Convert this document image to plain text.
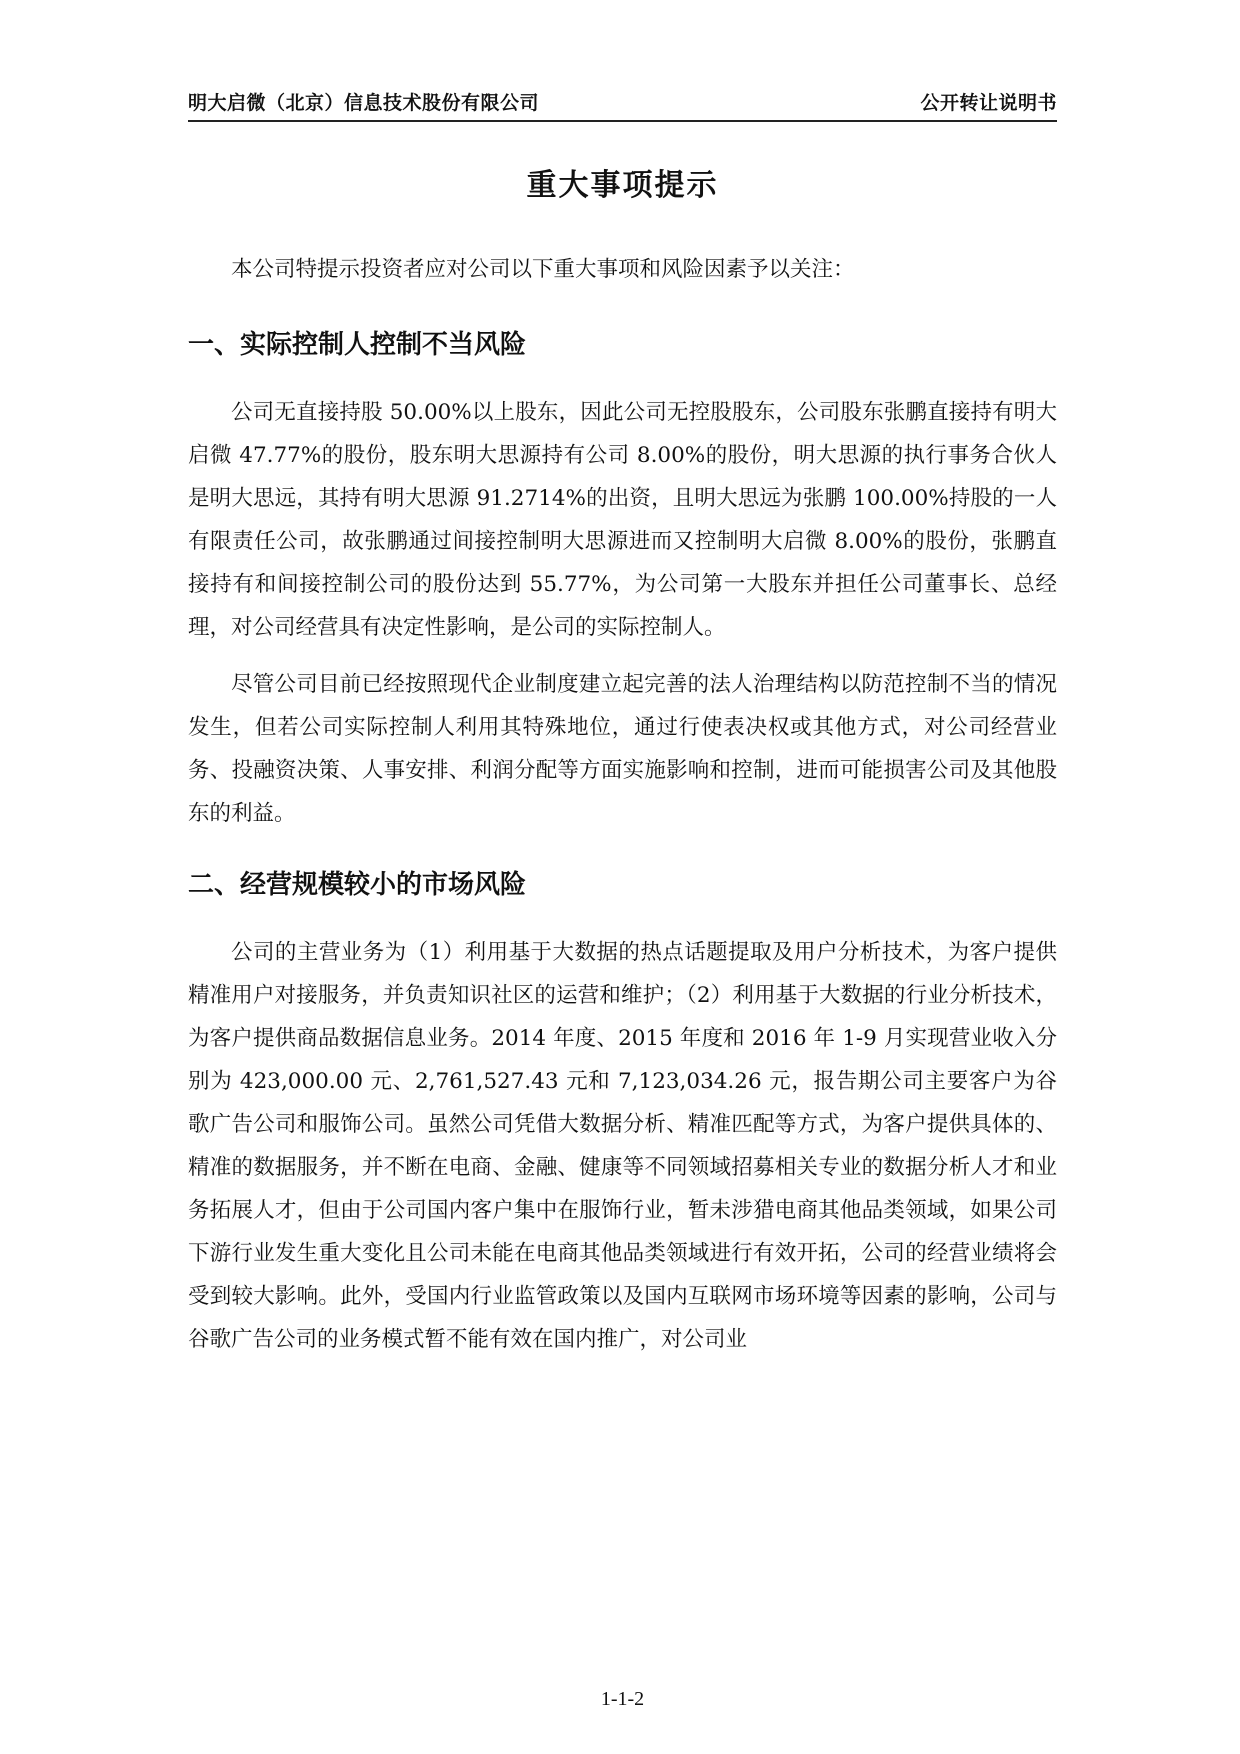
明大启微（北京）信息技术股份有限公司	公开转让说明书
重大事项提示

本公司特提示投资者应对公司以下重大事项和风险因素予以关注：

一、实际控制人控制不当风险

公司无直接持股 50.00%以上股东，因此公司无控股股东，公司股东张鹏直接持有明大启微 47.77%的股份，股东明大思源持有公司 8.00%的股份，明大思源的执行事务合伙人是明大思远，其持有明大思源 91.2714%的出资，且明大思远为张鹏 100.00%持股的一人有限责任公司，故张鹏通过间接控制明大思源进而又控制明大启微 8.00%的股份，张鹏直接持有和间接控制公司的股份达到 55.77%，为公司第一大股东并担任公司董事长、总经理，对公司经营具有决定性影响，是公司的实际控制人。

尽管公司目前已经按照现代企业制度建立起完善的法人治理结构以防范控制不当的情况发生，但若公司实际控制人利用其特殊地位，通过行使表决权或其他方式，对公司经营业务、投融资决策、人事安排、利润分配等方面实施影响和控制，进而可能损害公司及其他股东的利益。

二、经营规模较小的市场风险

公司的主营业务为（1）利用基于大数据的热点话题提取及用户分析技术，为客户提供精准用户对接服务，并负责知识社区的运营和维护；（2）利用基于大数据的行业分析技术，为客户提供商品数据信息业务。2014 年度、2015 年度和 2016 年 1-9 月实现营业收入分别为 423,000.00 元、2,761,527.43 元和 7,123,034.26 元，报告期公司主要客户为谷歌广告公司和服饰公司。虽然公司凭借大数据分析、精准匹配等方式，为客户提供具体的、精准的数据服务，并不断在电商、金融、健康等不同领域招募相关专业的数据分析人才和业务拓展人才，但由于公司国内客户集中在服饰行业，暂未涉猎电商其他品类领域，如果公司下游行业发生重大变化且公司未能在电商其他品类领域进行有效开拓，公司的经营业绩将会受到较大影响。此外，受国内行业监管政策以及国内互联网市场环境等因素的影响，公司与谷歌广告公司的业务模式暂不能有效在国内推广，对公司业

1-1-2
